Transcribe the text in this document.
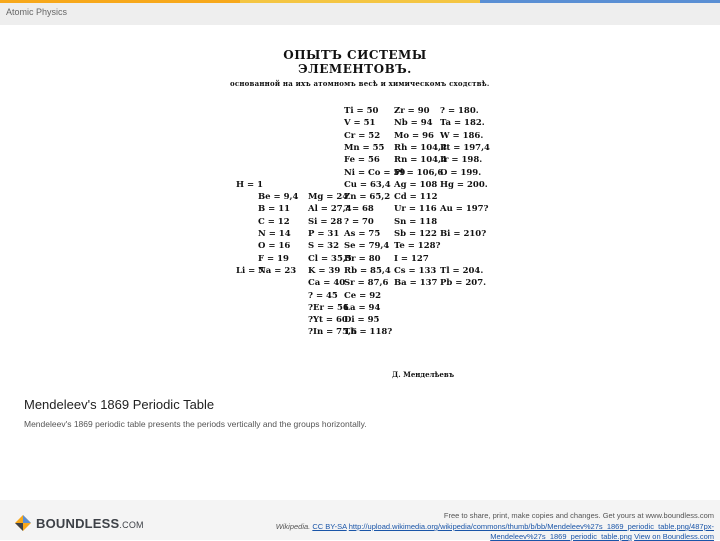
Atomic Physics
ОПЫТЪ СИСТЕМЫ ЭЛЕМЕНТОВЪ.
основанной на ихъ атомномъ весѣ и химическомъ сходствѣ.
Ti = 50 Zr = 90 ? = 180.
V = 51 Nb = 94 Ta = 182.
Cr = 52 Mo = 96 W = 186.
Mn = 55 Rh = 104,4
Pt = 197,4
Fe = 56 Rn = 104,4
Ir = 198.
Ni = Co = 59
Pl = 106,6
O = 199.
H = 1	Cu = 63,4 Ag = 108 Hg = 200.
Be = 9,4 Mg = 24
Zn = 65,2 Cd = 112
B = 11 Al = 27,4
? = 68 Ur = 116 Au = 197?
C = 12 Si = 28 ? = 70 Sn = 118
N = 14 P = 31 As = 75 Sb = 122 Bi = 210?
O = 16 S = 32 Se = 79,4 Te = 128?
F = 19 Cl = 35,5
Br = 80 I = 127
Li = 7
Na = 23 K = 39 Rb = 85,4 Cs = 133 Tl = 204.
Ca = 40
Sr = 87,6 Ba = 137 Pb = 207.
? = 45 Ce = 92
?Er = 56
La = 94
?Yt = 60
Di = 95
?In = 75,6
Th = 118?
Д. Менделѣевъ
Mendeleev's 1869 Periodic Table
Mendeleev's 1869 periodic table presents the periods vertically and the groups horizontally.
BOUNDLESS.COM
Free to share, print, make copies and changes. Get yours at www.boundless.com
Wikipedia. CC BY-SA http://upload.wikimedia.org/wikipedia/commons/thumb/b/bb/Mendeleev%27s_1869_periodic_table.png/487px-
Mendeleev%27s_1869_periodic_table.png View on Boundless.com
